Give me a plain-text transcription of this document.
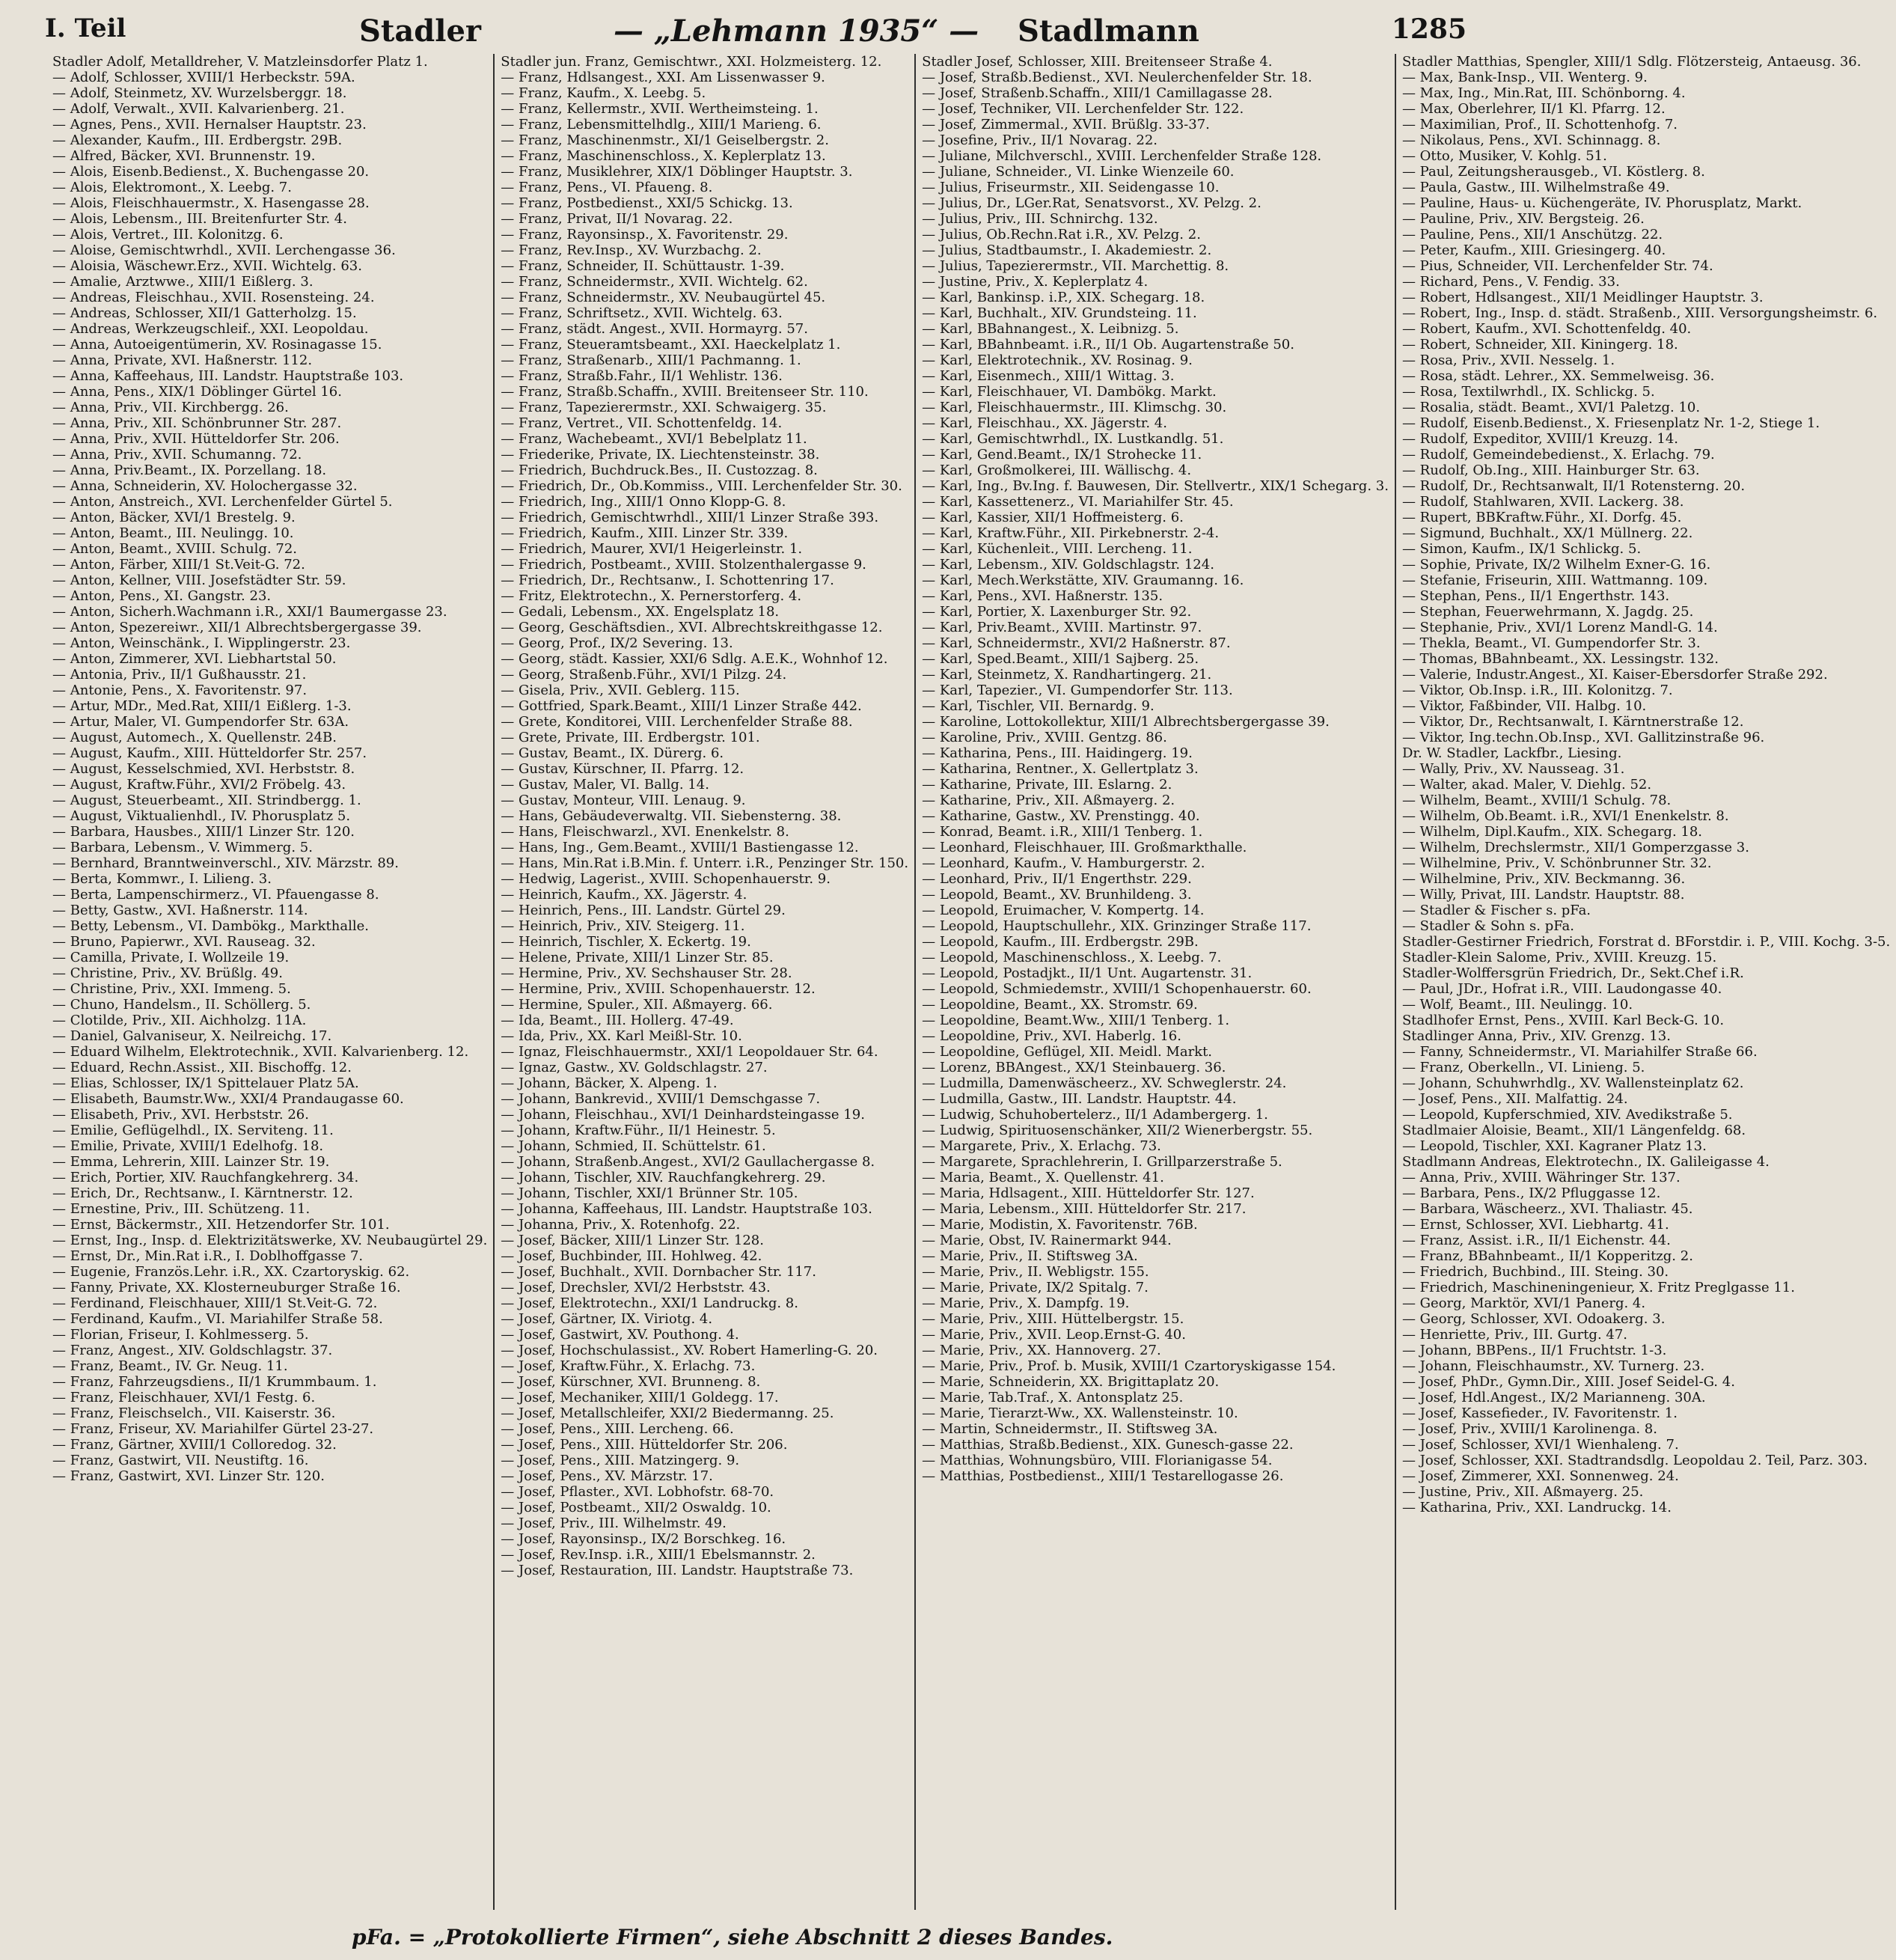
I. Teil	Stadler	— „Lehmann 1935“ — Stadlmann	1285
Stadler Adolf, Metalldreher, V. Matzleinsdorfer Platz 1.
— Adolf, Schlosser, XVIII/1 Herbeckstr. 59A.
— Adolf, Steinmetz, XV. Wurzelsberggr. 18.
— Adolf, Verwalt., XVII. Kalvarienberg. 21.
— Agnes, Pens., XVII. Hernalser Hauptstr. 23.
— Alexander, Kaufm., III. Erdbergstr. 29B.
— Alfred, Bäcker, XVI. Brunnenstr. 19.
— Alois, Eisenb.Bedienst., X. Buchengasse 20.
— Alois, Elektromont., X. Leebg. 7.
— Alois, Fleischhauermstr., X. Hasengasse 28.
— Alois, Lebensm., III. Breitenfurter Str. 4.
— Alois, Vertret., III. Kolonitzg. 6.
— Aloise, Gemischtwrhdl., XVII. Lerchengasse 36.
— Aloisia, Wäschewr.Erz., XVII. Wichtelg. 63.
— Amalie, Arztwwe., XIII/1 Eißlerg. 3.
— Andreas, Fleischhau., XVII. Rosensteing. 24.
— Andreas, Schlosser, XII/1 Gatterholzg. 15.
— Andreas, Werkzeugschleif., XXI. Leopoldau.
— Anna, Autoeigentümerin, XV. Rosinagasse 15.
— Anna, Private, XVI. Haßnerstr. 112.
— Anna, Kaffeehaus, III. Landstr. Hauptstraße 103.
— Anna, Pens., XIX/1 Döblinger Gürtel 16.
— Anna, Priv., VII. Kirchbergg. 26.
— Anna, Priv., XII. Schönbrunner Str. 287.
— Anna, Priv., XVII. Hütteldorfer Str. 206.
— Anna, Priv., XVII. Schumanng. 72.
— Anna, Priv.Beamt., IX. Porzellang. 18.
— Anna, Schneiderin, XV. Holochergasse 32.
— Anton, Anstreich., XVI. Lerchenfelder Gürtel 5.
— Anton, Bäcker, XVI/1 Brestelg. 9.
— Anton, Beamt., III. Neulingg. 10.
— Anton, Beamt., XVIII. Schulg. 72.
— Anton, Färber, XIII/1 St.Veit-G. 72.
— Anton, Kellner, VIII. Josefstädter Str. 59.
— Anton, Pens., XI. Gangstr. 23.
— Anton, Sicherh.Wachmann i.R., XXI/1 Baumergasse 23.
— Anton, Spezereiwr., XII/1 Albrechtsbergergasse 39.
— Anton, Weinschänk., I. Wipplingerstr. 23.
— Anton, Zimmerer, XVI. Liebhartstal 50.
— Antonia, Priv., II/1 Gußhausstr. 21.
— Antonie, Pens., X. Favoritenstr. 97.
— Artur, MDr., Med.Rat, XIII/1 Eißlerg. 1-3.
— Artur, Maler, VI. Gumpendorfer Str. 63A.
— August, Automech., X. Quellenstr. 24B.
— August, Kaufm., XIII. Hütteldorfer Str. 257.
— August, Kesselschmied, XVI. Herbststr. 8.
— August, Kraftw.Führ., XVI/2 Fröbelg. 43.
— August, Steuerbeamt., XII. Strindbergg. 1.
— August, Viktualienhdl., IV. Phorusplatz 5.
— Barbara, Hausbes., XIII/1 Linzer Str. 120.
— Barbara, Lebensm., V. Wimmerg. 5.
— Bernhard, Branntweinverschl., XIV. Märzstr. 89.
— Berta, Kommwr., I. Lilieng. 3.
— Berta, Lampenschirmerz., VI. Pfauengasse 8.
— Betty, Gastw., XVI. Haßnerstr. 114.
— Betty, Lebensm., VI. Dambökg., Markthalle.
— Bruno, Papierwr., XVI. Rauseag. 32.
— Camilla, Private, I. Wollzeile 19.
— Christine, Priv., XV. Brüßlg. 49.
— Christine, Priv., XXI. Immeng. 5.
— Chuno, Handelsm., II. Schöllerg. 5.
— Clotilde, Priv., XII. Aichholzg. 11A.
— Daniel, Galvaniseur, X. Neilreichg. 17.
— Eduard Wilhelm, Elektrotechnik., XVII. Kalvarienberg. 12.
— Eduard, Rechn.Assist., XII. Bischoffg. 12.
— Elias, Schlosser, IX/1 Spittelauer Platz 5A.
— Elisabeth, Baumstr.Ww., XXI/4 Prandaugasse 60.
— Elisabeth, Priv., XVI. Herbststr. 26.
— Emilie, Geflügelhdl., IX. Serviteng. 11.
— Emilie, Private, XVIII/1 Edelhofg. 18.
— Emma, Lehrerin, XIII. Lainzer Str. 19.
— Erich, Portier, XIV. Rauchfangkehrerg. 34.
— Erich, Dr., Rechtsanw., I. Kärntnerstr. 12.
— Ernestine, Priv., III. Schützeng. 11.
— Ernst, Bäckermstr., XII. Hetzendorfer Str. 101.
— Ernst, Ing., Insp. d. Elektrizitätswerke, XV. Neubaugürtel 29.
— Ernst, Dr., Min.Rat i.R., I. Doblhoffgasse 7.
— Eugenie, Französ.Lehr. i.R., XX. Czartoryskig. 62.
— Fanny, Private, XX. Klosterneuburger Straße 16.
— Ferdinand, Fleischhauer, XIII/1 St.Veit-G. 72.
— Ferdinand, Kaufm., VI. Mariahilfer Straße 58.
— Florian, Friseur, I. Kohlmesserg. 5.
— Franz, Angest., XIV. Goldschlagstr. 37.
— Franz, Beamt., IV. Gr. Neug. 11.
— Franz, Fahrzeugsdiens., II/1 Krummbaum. 1.
— Franz, Fleischhauer, XVI/1 Festg. 6.
— Franz, Fleischselch., VII. Kaiserstr. 36.
— Franz, Friseur, XV. Mariahilfer Gürtel 23-27.
— Franz, Gärtner, XVIII/1 Colloredog. 32.
— Franz, Gastwirt, VII. Neustiftg. 16.
— Franz, Gastwirt, XVI. Linzer Str. 120.
Stadler jun. Franz, Gemischtwr., XXI. Holzmeisterg. 12.
— Franz, Hdlsangest., XXI. Am Lissenwasser 9.
— Franz, Kaufm., X. Leebg. 5.
— Franz, Kellermstr., XVII. Wertheimsteing. 1.
— Franz, Lebensmittelhdlg., XIII/1 Marieng. 6.
— Franz, Maschinenmstr., XI/1 Geiselbergstr. 2.
— Franz, Maschinenschloss., X. Keplerplatz 13.
— Franz, Musiklehrer, XIX/1 Döblinger Hauptstr. 3.
— Franz, Pens., VI. Pfaueng. 8.
— Franz, Postbedienst., XXI/5 Schickg. 13.
— Franz, Privat, II/1 Novarag. 22.
— Franz, Rayonsinsp., X. Favoritenstr. 29.
— Franz, Rev.Insp., XV. Wurzbachg. 2.
— Franz, Schneider, II. Schüttaustr. 1-39.
— Franz, Schneidermstr., XVII. Wichtelg. 62.
— Franz, Schneidermstr., XV. Neubaugürtel 45.
— Franz, Schriftsetz., XVII. Wichtelg. 63.
— Franz, städt. Angest., XVII. Hormayrg. 57.
— Franz, Steueramtsbeamt., XXI. Haeckelplatz 1.
— Franz, Straßenarb., XIII/1 Pachmanng. 1.
— Franz, Straßb.Fahr., II/1 Wehlistr. 136.
— Franz, Straßb.Schaffn., XVIII. Breitenseer Str. 110.
— Franz, Tapezierermstr., XXI. Schwaigerg. 35.
— Franz, Vertret., VII. Schottenfeldg. 14.
— Franz, Wachebeamt., XVI/1 Bebelplatz 11.
— Friederike, Private, IX. Liechtensteinstr. 38.
— Friedrich, Buchdruck.Bes., II. Custozzag. 8.
— Friedrich, Dr., Ob.Kommiss., VIII. Lerchenfelder Str. 30.
— Friedrich, Ing., XIII/1 Onno Klopp-G. 8.
— Friedrich, Gemischtwrhdl., XIII/1 Linzer Straße 393.
— Friedrich, Kaufm., XIII. Linzer Str. 339.
— Friedrich, Maurer, XVI/1 Heigerleinstr. 1.
— Friedrich, Postbeamt., XVIII. Stolzenthalergasse 9.
— Friedrich, Dr., Rechtsanw., I. Schottenring 17.
— Fritz, Elektrotechn., X. Pernerstorferg. 4.
— Gedali, Lebensm., XX. Engelsplatz 18.
— Georg, Geschäftsdien., XVI. Albrechtskreithgasse 12.
— Georg, Prof., IX/2 Severing. 13.
— Georg, städt. Kassier, XXI/6 Sdlg. A.E.K., Wohnhof 12.
— Georg, Straßenb.Führ., XVI/1 Pilzg. 24.
— Gisela, Priv., XVII. Geblerg. 115.
— Gottfried, Spark.Beamt., XIII/1 Linzer Straße 442.
— Grete, Konditorei, VIII. Lerchenfelder Straße 88.
— Grete, Private, III. Erdbergstr. 101.
— Gustav, Beamt., IX. Dürerg. 6.
— Gustav, Kürschner, II. Pfarrg. 12.
— Gustav, Maler, VI. Ballg. 14.
— Gustav, Monteur, VIII. Lenaug. 9.
— Hans, Gebäudeverwaltg. VII. Siebensterng. 38.
— Hans, Fleischwarzl., XVI. Enenkelstr. 8.
— Hans, Ing., Gem.Beamt., XVIII/1 Bastiengasse 12.
— Hans, Min.Rat i.B.Min. f. Unterr. i.R., Penzinger Str. 150.
— Hedwig, Lagerist., XVIII. Schopenhauerstr. 9.
— Heinrich, Kaufm., XX. Jägerstr. 4.
— Heinrich, Pens., III. Landstr. Gürtel 29.
— Heinrich, Priv., XIV. Steigerg. 11.
— Heinrich, Tischler, X. Eckertg. 19.
— Helene, Private, XIII/1 Linzer Str. 85.
— Hermine, Priv., XV. Sechshauser Str. 28.
— Hermine, Priv., XVIII. Schopenhauerstr. 12.
— Hermine, Spuler., XII. Aßmayerg. 66.
— Ida, Beamt., III. Hollerg. 47-49.
— Ida, Priv., XX. Karl Meißl-Str. 10.
— Ignaz, Fleischhauermstr., XXI/1 Leopoldauer Str. 64.
— Ignaz, Gastw., XV. Goldschlagstr. 27.
— Johann, Bäcker, X. Alpeng. 1.
— Johann, Bankrevid., XVIII/1 Demschgasse 7.
— Johann, Fleischhau., XVI/1 Deinhardsteingasse 19.
— Johann, Kraftw.Führ., II/1 Heinestr. 5.
— Johann, Schmied, II. Schüttelstr. 61.
— Johann, Straßenb.Angest., XVI/2 Gaullachergasse 8.
— Johann, Tischler, XIV. Rauchfangkehrerg. 29.
— Johann, Tischler, XXI/1 Brünner Str. 105.
— Johanna, Kaffeehaus, III. Landstr. Hauptstraße 103.
— Johanna, Priv., X. Rotenhofg. 22.
— Josef, Bäcker, XIII/1 Linzer Str. 128.
— Josef, Buchbinder, III. Hohlweg. 42.
— Josef, Buchhalt., XVII. Dornbacher Str. 117.
— Josef, Drechsler, XVI/2 Herbststr. 43.
— Josef, Elektrotechn., XXI/1 Landruckg. 8.
— Josef, Gärtner, IX. Viriotg. 4.
— Josef, Gastwirt, XV. Pouthong. 4.
— Josef, Hochschulassist., XV. Robert Hamerling-G. 20.
— Josef, Kraftw.Führ., X. Erlachg. 73.
— Josef, Kürschner, XVI. Brunneng. 8.
— Josef, Mechaniker, XIII/1 Goldegg. 17.
— Josef, Metallschleifer, XXI/2 Biedermanng. 25.
— Josef, Pens., XIII. Lercheng. 66.
— Josef, Pens., XIII. Hütteldorfer Str. 206.
— Josef, Pens., XIII. Matzingerg. 9.
— Josef, Pens., XV. Märzstr. 17.
— Josef, Pflaster., XVI. Lobhofstr. 68-70.
— Josef, Postbeamt., XII/2 Oswaldg. 10.
— Josef, Priv., III. Wilhelmstr. 49.
— Josef, Rayonsinsp., IX/2 Borschkeg. 16.
— Josef, Rev.Insp. i.R., XIII/1 Ebelsmannstr. 2.
— Josef, Restauration, III. Landstr. Hauptstraße 73.
Stadler Josef, Schlosser, XIII. Breitenseer Straße 4.
— Josef, Straßb.Bedienst., XVI. Neulerchenfelder Str. 18.
— Josef, Straßenb.Schaffn., XIII/1 Camillagasse 28.
— Josef, Techniker, VII. Lerchenfelder Str. 122.
— Josef, Zimmermal., XVII. Brüßlg. 33-37.
— Josefine, Priv., II/1 Novarag. 22.
— Juliane, Milchverschl., XVIII. Lerchenfelder Straße 128.
— Juliane, Schneider., VI. Linke Wienzeile 60.
— Julius, Friseurmstr., XII. Seidengasse 10.
— Julius, Dr., LGer.Rat, Senatsvorst., XV. Pelzg. 2.
— Julius, Priv., III. Schnirchg. 132.
— Julius, Ob.Rechn.Rat i.R., XV. Pelzg. 2.
— Julius, Stadtbaumstr., I. Akademiestr. 2.
— Julius, Tapezierermstr., VII. Marchettig. 8.
— Justine, Priv., X. Keplerplatz 4.
— Karl, Bankinsp. i.P., XIX. Schegarg. 18.
— Karl, Buchhalt., XIV. Grundsteing. 11.
— Karl, BBahnangest., X. Leibnizg. 5.
— Karl, BBahnbeamt. i.R., II/1 Ob. Augartenstraße 50.
— Karl, Elektrotechnik., XV. Rosinag. 9.
— Karl, Eisenmech., XIII/1 Wittag. 3.
— Karl, Fleischhauer, VI. Dambökg. Markt.
— Karl, Fleischhauermstr., III. Klimschg. 30.
— Karl, Fleischhau., XX. Jägerstr. 4.
— Karl, Gemischtwrhdl., IX. Lustkandlg. 51.
— Karl, Gend.Beamt., IX/1 Strohecke 11.
— Karl, Großmolkerei, III. Wällischg. 4.
— Karl, Ing., Bv.Ing. f. Bauwesen, Dir. Stellvertr., XIX/1 Schegarg. 3.
— Karl, Kassettenerz., VI. Mariahilfer Str. 45.
— Karl, Kassier, XII/1 Hoffmeisterg. 6.
— Karl, Kraftw.Führ., XII. Pirkebnerstr. 2-4.
— Karl, Küchenleit., VIII. Lercheng. 11.
— Karl, Lebensm., XIV. Goldschlagstr. 124.
— Karl, Mech.Werkstätte, XIV. Graumanng. 16.
— Karl, Pens., XVI. Haßnerstr. 135.
— Karl, Portier, X. Laxenburger Str. 92.
— Karl, Priv.Beamt., XVIII. Martinstr. 97.
— Karl, Schneidermstr., XVI/2 Haßnerstr. 87.
— Karl, Sped.Beamt., XIII/1 Sajberg. 25.
— Karl, Steinmetz, X. Randhartingerg. 21.
— Karl, Tapezier., VI. Gumpendorfer Str. 113.
— Karl, Tischler, VII. Bernardg. 9.
— Karoline, Lottokollektur, XIII/1 Albrechtsbergergasse 39.
— Karoline, Priv., XVIII. Gentzg. 86.
— Katharina, Pens., III. Haidingerg. 19.
— Katharina, Rentner., X. Gellertplatz 3.
— Katharine, Private, III. Eslarng. 2.
— Katharine, Priv., XII. Aßmayerg. 2.
— Katharine, Gastw., XV. Prenstingg. 40.
— Konrad, Beamt. i.R., XIII/1 Tenberg. 1.
— Leonhard, Fleischhauer, III. Großmarkthalle.
— Leonhard, Kaufm., V. Hamburgerstr. 2.
— Leonhard, Priv., II/1 Engerthstr. 229.
— Leopold, Beamt., XV. Brunhildeng. 3.
— Leopold, Eruimacher, V. Kompertg. 14.
— Leopold, Hauptschullehr., XIX. Grinzinger Straße 117.
— Leopold, Kaufm., III. Erdbergstr. 29B.
— Leopold, Maschinenschloss., X. Leebg. 7.
— Leopold, Postadjkt., II/1 Unt. Augartenstr. 31.
— Leopold, Schmiedemstr., XVIII/1 Schopenhauerstr. 60.
— Leopoldine, Beamt., XX. Stromstr. 69.
— Leopoldine, Beamt.Ww., XIII/1 Tenberg. 1.
— Leopoldine, Priv., XVI. Haberlg. 16.
— Leopoldine, Geflügel, XII. Meidl. Markt.
— Lorenz, BBAngest., XX/1 Steinbauerg. 36.
— Ludmilla, Damenwäscheerz., XV. Schweglerstr. 24.
— Ludmilla, Gastw., III. Landstr. Hauptstr. 44.
— Ludwig, Schuhobertelerz., II/1 Adambergerg. 1.
— Ludwig, Spirituosenschänker, XII/2 Wienerbergstr. 55.
— Margarete, Priv., X. Erlachg. 73.
— Margarete, Sprachlehrerin, I. Grillparzerstraße 5.
— Maria, Beamt., X. Quellenstr. 41.
— Maria, Hdlsagent., XIII. Hütteldorfer Str. 127.
— Maria, Lebensm., XIII. Hütteldorfer Str. 217.
— Marie, Modistin, X. Favoritenstr. 76B.
— Marie, Obst, IV. Rainermarkt 944.
— Marie, Priv., II. Stiftsweg 3A.
— Marie, Priv., II. Webligstr. 155.
— Marie, Private, IX/2 Spitalg. 7.
— Marie, Priv., X. Dampfg. 19.
— Marie, Priv., XIII. Hüttelbergstr. 15.
— Marie, Priv., XVII. Leop.Ernst-G. 40.
— Marie, Priv., XX. Hannoverg. 27.
— Marie, Priv., Prof. b. Musik, XVIII/1 Czartoryskigasse 154.
— Marie, Schneiderin, XX. Brigittaplatz 20.
— Marie, Tab.Traf., X. Antonsplatz 25.
— Marie, Tierarzt-Ww., XX. Wallensteinstr. 10.
— Martin, Schneidermstr., II. Stiftsweg 3A.
— Matthias, Straßb.Bedienst., XIX. Gunesch-gasse 22.
— Matthias, Wohnungsbüro, VIII. Florianigasse 54.
— Matthias, Postbedienst., XIII/1 Testarellogasse 26.
Stadler Matthias, Spengler, XIII/1 Sdlg. Flötzersteig, Antaeusg. 36.
— Max, Bank-Insp., VII. Wenterg. 9.
— Max, Ing., Min.Rat, III. Schönborng. 4.
— Max, Oberlehrer, II/1 Kl. Pfarrg. 12.
— Maximilian, Prof., II. Schottenhofg. 7.
— Nikolaus, Pens., XVI. Schinnagg. 8.
— Otto, Musiker, V. Kohlg. 51.
— Paul, Zeitungsherausgeb., VI. Köstlerg. 8.
— Paula, Gastw., III. Wilhelmstraße 49.
— Pauline, Haus- u. Küchengeräte, IV. Phorusplatz, Markt.
— Pauline, Priv., XIV. Bergsteig. 26.
— Pauline, Pens., XII/1 Anschützg. 22.
— Peter, Kaufm., XIII. Griesingerg. 40.
— Pius, Schneider, VII. Lerchenfelder Str. 74.
— Richard, Pens., V. Fendig. 33.
— Robert, Hdlsangest., XII/1 Meidlinger Hauptstr. 3.
— Robert, Ing., Insp. d. städt. Straßenb., XIII. Versorgungsheimstr. 6.
— Robert, Kaufm., XVI. Schottenfeldg. 40.
— Robert, Schneider, XII. Kiningerg. 18.
— Rosa, Priv., XVII. Nesselg. 1.
— Rosa, städt. Lehrer., XX. Semmelweisg. 36.
— Rosa, Textilwrhdl., IX. Schlickg. 5.
— Rosalia, städt. Beamt., XVI/1 Paletzg. 10.
— Rudolf, Eisenb.Bedienst., X. Friesenplatz Nr. 1-2, Stiege 1.
— Rudolf, Expeditor, XVIII/1 Kreuzg. 14.
— Rudolf, Gemeindebedienst., X. Erlachg. 79.
— Rudolf, Ob.Ing., XIII. Hainburger Str. 63.
— Rudolf, Dr., Rechtsanwalt, II/1 Rotensterng. 20.
— Rudolf, Stahlwaren, XVII. Lackerg. 38.
— Rupert, BBKraftw.Führ., XI. Dorfg. 45.
— Sigmund, Buchhalt., XX/1 Müllnerg. 22.
— Simon, Kaufm., IX/1 Schlickg. 5.
— Sophie, Private, IX/2 Wilhelm Exner-G. 16.
— Stefanie, Friseurin, XIII. Wattmanng. 109.
— Stephan, Pens., II/1 Engerthstr. 143.
— Stephan, Feuerwehrmann, X. Jagdg. 25.
— Stephanie, Priv., XVI/1 Lorenz Mandl-G. 14.
— Thekla, Beamt., VI. Gumpendorfer Str. 3.
— Thomas, BBahnbeamt., XX. Lessingstr. 132.
— Valerie, Industr.Angest., XI. Kaiser-Ebersdorfer Straße 292.
— Viktor, Ob.Insp. i.R., III. Kolonitzg. 7.
— Viktor, Faßbinder, VII. Halbg. 10.
— Viktor, Dr., Rechtsanwalt, I. Kärntnerstraße 12.
— Viktor, Ing.techn.Ob.Insp., XVI. Gallitzinstraße 96.
Dr. W. Stadler, Lackfbr., Liesing.
— Wally, Priv., XV. Nausseag. 31.
— Walter, akad. Maler, V. Diehlg. 52.
— Wilhelm, Beamt., XVIII/1 Schulg. 78.
— Wilhelm, Ob.Beamt. i.R., XVI/1 Enenkelstr. 8.
— Wilhelm, Dipl.Kaufm., XIX. Schegarg. 18.
— Wilhelm, Drechslermstr., XII/1 Gomperzgasse 3.
— Wilhelmine, Priv., V. Schönbrunner Str. 32.
— Wilhelmine, Priv., XIV. Beckmanng. 36.
— Willy, Privat, III. Landstr. Hauptstr. 88.
— Stadler & Fischer s. pFa.
— Stadler & Sohn s. pFa.
Stadler-Gestirner Friedrich, Forstrat d. BForstdir. i. P., VIII. Kochg. 3-5.
Stadler-Klein Salome, Priv., XVIII. Kreuzg. 15.
Stadler-Wolffersgrün Friedrich, Dr., Sekt.Chef i.R.
— Paul, JDr., Hofrat i.R., VIII. Laudongasse 40.
— Wolf, Beamt., III. Neulingg. 10.
Stadlhofer Ernst, Pens., XVIII. Karl Beck-G. 10.
Stadlinger Anna, Priv., XIV. Grenzg. 13.
— Fanny, Schneidermstr., VI. Mariahilfer Straße 66.
— Franz, Oberkelln., VI. Linieng. 5.
— Johann, Schuhwrhdlg., XV. Wallensteinplatz 62.
— Josef, Pens., XII. Malfattig. 24.
— Leopold, Kupferschmied, XIV. Avedikstraße 5.
Stadlmaier Aloisie, Beamt., XII/1 Längenfeldg. 68.
— Leopold, Tischler, XXI. Kagraner Platz 13.
Stadlmann Andreas, Elektrotechn., IX. Galileigasse 4.
— Anna, Priv., XVIII. Währinger Str. 137.
— Barbara, Pens., IX/2 Pfluggasse 12.
— Barbara, Wäscheerz., XVI. Thaliastr. 45.
— Ernst, Schlosser, XVI. Liebhartg. 41.
— Franz, Assist. i.R., II/1 Eichenstr. 44.
— Franz, BBahnbeamt., II/1 Kopperitzg. 2.
— Friedrich, Buchbind., III. Steing. 30.
— Friedrich, Maschineningenieur, X. Fritz Preglgasse 11.
— Georg, Marktör, XVI/1 Panerg. 4.
— Georg, Schlosser, XVI. Odoakerg. 3.
— Henriette, Priv., III. Gurtg. 47.
— Johann, BBPens., II/1 Fruchtstr. 1-3.
— Johann, Fleischhaumstr., XV. Turnerg. 23.
— Josef, PhDr., Gymn.Dir., XIII. Josef Seidel-G. 4.
— Josef, Hdl.Angest., IX/2 Marianneng. 30A.
— Josef, Kassefieder., IV. Favoritenstr. 1.
— Josef, Priv., XVIII/1 Karolinenga. 8.
— Josef, Schlosser, XVI/1 Wienhaleng. 7.
— Josef, Schlosser, XXI. Stadtrandsdlg. Leopoldau 2. Teil, Parz. 303.
— Josef, Zimmerer, XXI. Sonnenweg. 24.
— Justine, Priv., XII. Aßmayerg. 25.
— Katharina, Priv., XXI. Landruckg. 14.
pFa. = „Protokollierte Firmen“, siehe Abschnitt 2 dieses Bandes.
